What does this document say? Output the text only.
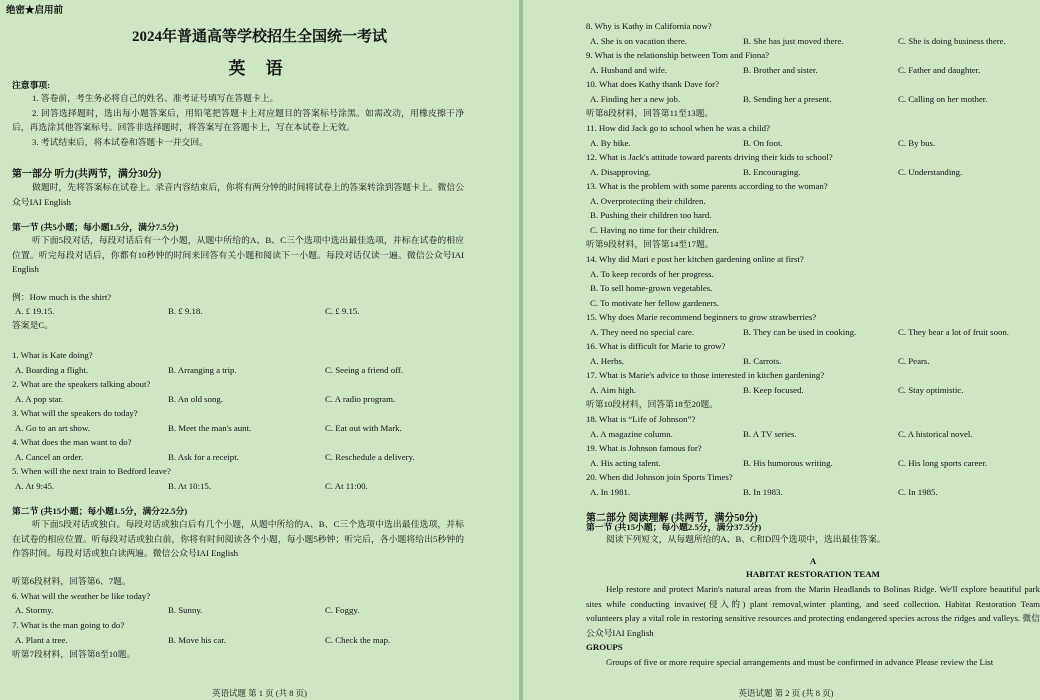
绝密★启用前
2024年普通高等学校招生全国统一考试
英 语
注意事项:
1. 答卷前，考生务必将自己的姓名、准考证号填写在答题卡上。
2. 回答选择题时，选出每小题答案后，用铅笔把答题卡上对应题目的答案标号涂黑。如需改动，用橡皮擦干净后，再选涂其他答案标号。回答非选择题时，将答案写在答题卡上，写在本试卷上无效。
3. 考试结束后，将本试卷和答题卡一并交回。
第一部分 听力(共两节，满分30分)
做题时，先将答案标在试卷上。录音内容结束后，你将有两分钟的时间将试卷上的答案转涂到答题卡上。微信公众号IAI English
第一节 (共5小题；每小题1.5分，满分7.5分)
听下面5段对话，每段对话后有一个小题，从题中所给的A、B、C三个选项中选出最佳选项，并标在试卷的相应位置。听完每段对话后，你都有10秒钟的时间来回答有关小题和阅读下一小题。每段对话仅读一遍。微信公众号IAI English
例：How much is the shirt?
A. £ 19.15.	B. £ 9.18.	C. £ 9.15.
答案是C。
1. What is Kate doing?
A. Boarding a flight.	B. Arranging a trip.	C. Seeing a friend off.
2. What are the speakers talking about?
A. A pop star.	B. An old song.	C. A radio program.
3. What will the speakers do today?
A. Go to an art show.	B. Meet the man's aunt.	C. Eat out with Mark.
4. What does the man want to do?
A. Cancel an order.	B. Ask for a receipt.	C. Reschedule a delivery.
5. When will the next train to Bedford leave?
A. At 9:45.	B. At 10:15.	C. At 11:00.
第二节 (共15小题；每小题1.5分，满分22.5分)
听下面5段对话或独白。每段对话或独白后有几个小题，从题中所给的A、B、C三个选项中选出最佳选项，并标在试卷的相应位置。听每段对话或独白前，你将有时间阅读各个小题，每小题5秒钟；听完后，各小题将给出5秒钟的作答时间。每段对话或独白读两遍。微信公众号IAI English
听第6段材料，回答第6、7题。
6. What will the weather be like today?
A. Stormy.	B. Sunny.	C. Foggy.
7. What is the man going to do?
A. Plant a tree.	B. Move his car.	C. Check the map.
听第7段材料，回答第8至10题。
英语试题 第 1 页 (共 8 页)
8. Why is Kathy in California now?
A. She is on vacation there.	B. She has just moved there.	C. She is doing business there.
9. What is the relationship between Tom and Fiona?
A. Husband and wife.	B. Brother and sister.	C. Father and daughter.
10. What does Kathy thank Dave for?
A. Finding her a new job.	B. Sending her a present.	C. Calling on her mother.
听第8段材料，回答第11至13题。
11. How did Jack go to school when he was a child?
A. By bike.	B. On foot.	C. By bus.
12. What is Jack's attitude toward parents driving their kids to school?
A. Disapproving.	B. Encouraging.	C. Understanding.
13. What is the problem with some parents according to the woman?
A. Overprotecting their children.
B. Pushing their children too hard.
C. Having no time for their children.
听第9段材料，回答第14至17题。
14. Why did Mari e post her kitchen gardening online at first?
A. To keep records of her progress.
B. To sell home-grown vegetables.
C. To motivate her fellow gardeners.
15. Why does Marie recommend beginners to grow strawberries?
A. They need no special care.	B. They can be used in cooking.	C. They bear a lot of fruit soon.
16. What is difficult for Marie to grow?
A. Herbs.	B. Carrots.	C. Pears.
17. What is Marie's advice to those interested in kitchen gardening?
A. Aim high.	B. Keep focused.	C. Stay optimistic.
听第10段材料，回答第18至20题。
18. What is “Life of Johnson”?
A. A magazine column.	B. A TV series.	C. A historical novel.
19. What is Johnson famous for?
A. His acting talent.	B. His humorous writing.	C. His long sports career.
20. When did Johnson join Sports Times?
A. In 1981.	B. In 1983.	C. In 1985.
第二部分 阅读理解 (共两节，满分50分)
第一节 (共15小题；每小题2.5分，满分37.5分)
阅读下列短文，从每题所给的A、B、C和D四个选项中，选出最佳答案。
A
HABITAT RESTORATION TEAM
Help restore and protect Marin's natural areas from the Marin Headlands to Bolinas Ridge. We'll explore beautiful park sites while conducting invasive(侵入的) plant removal,winter planting, and seed collection. Habitat Restoration Team volunteers play a vital role in restoring sensitive resources and protecting endangered species across the ridges and valleys. 微信公众号IAI English
GROUPS
Groups of five or more require special arrangements and must be confirmed in advance Please review the List
英语试题 第 2 页 (共 8 页)
